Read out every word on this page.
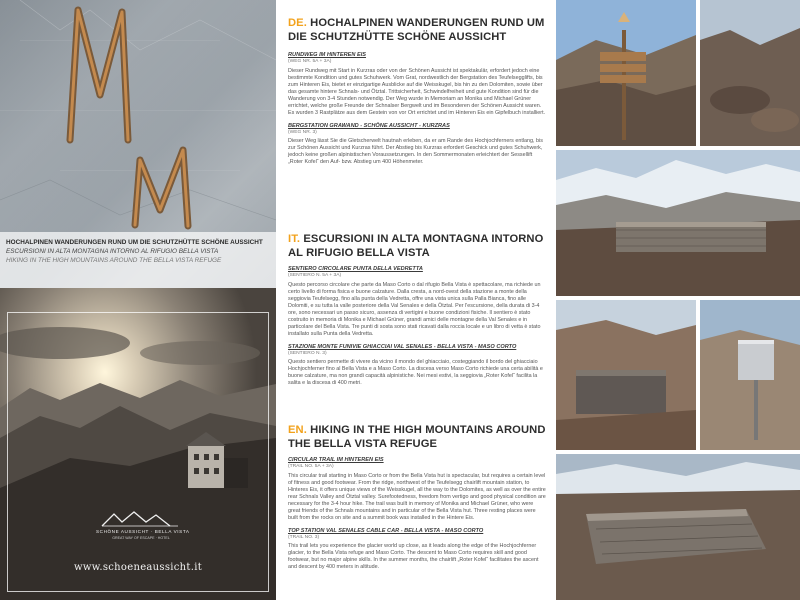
HOCHALPINEN WANDERUNGEN RUND UM DIE SCHUTZHÜTTE SCHÖNE AUSSICHT
ESCURSIONI IN ALTA MONTAGNA INTORNO AL RIFUGIO BELLA VISTA
HIKING IN THE HIGH MOUNTAINS AROUND THE BELLA VISTA REFUGE
SCHÖNE AUSSICHT · BELLA VISTA
GREAT WAY OF ESCAPE · HOTEL
www.schoeneaussicht.it
DE. HOCHALPINEN WANDERUNGEN RUND UM DIE SCHUTZHÜTTE SCHÖNE AUSSICHT
RUNDWEG IM HINTEREN EIS
(WEG NR. 5A + 3A)
Dieser Rundweg mit Start in Kurzras oder von der Schönen Aussicht ist spektakulär, erfordert jedoch eine bestimmte Kondition und gutes Schuhwerk. Vom Grat, nordwestlich der Bergstation des Teufelsegglifts, bis zum Hinteren Eis, bietet er einzigartige Ausblicke auf die Weisskugel, bis hin zu den Dolomiten, sowie über das gesamte hintere Schnals- und Ötztal. Trittsicherheit, Schwindelfreiheit und gute Kondition sind für die Wanderung von 3-4 Stunden notwendig. Der Weg wurde in Memoriam an Monika und Michael Grüner errichtet, welche große Freunde der Schnalser Bergwelt und im Besonderen der Schönen Aussicht waren. Es wurden 3 Rastplätze aus dem Gestein von vor Ort errichtet und im Hinteren Eis ein Gipfelbuch installiert.
BERGSTATION GRAWAND - SCHÖNE AUSSICHT - KURZRAS
(WEG NR. 3)
Dieser Weg lässt Sie die Gletscherwelt hautnah erleben, da er am Rande des Hochjochferners entlang, bis zur Schönen Aussicht und Kurzras führt. Der Abstieg bis Kurzras erfordert Geschick und gutes Schuhwerk, jedoch keine großen alpinistischen Voraussetzungen. In den Sommermonaten erleichtert der Sessellift „Roter Kofel“ den Auf- bzw. Abstieg um 400 Höhenmeter.
IT. ESCURSIONI IN ALTA MONTAGNA INTORNO AL RIFUGIO BELLA VISTA
SENTIERO CIRCOLARE PUNTA DELLA VEDRETTA
(SENTIERO N. 5A + 3A)
Questo percorso circolare che parte da Maso Corto o dal rifugio Bella Vista è spettacolare, ma richiede un certo livello di forma fisica e buone calzature. Dalla cresta, a nord-ovest della stazione a monte della seggiovia Teufelsegg, fino alla punta della Vedretta, offre una vista unica sulla Palla Bianca, fino alle Dolomiti, e su tutta la valle posteriore della Val Senales e della Ötztal. Per l'escursione, della durata di 3-4 ore, sono necessari un passo sicuro, assenza di vertigini e buone condizioni fisiche. Il sentiero è stato costruito in memoria di Monika e Michael Grüner, grandi amici delle montagne della Val Senales e in particolare del Bella Vista. Tre punti di sosta sono stati ricavati dalla roccia locale e un libro di vetta è stato installato sulla Punta della Vedretta.
STAZIONE MONTE FUNIVIE GHIACCIAI VAL SENALES - BELLA VISTA - MASO CORTO
(SENTIERO N. 3)
Questo sentiero permette di vivere da vicino il mondo del ghiacciaio, costeggiando il bordo del ghiacciaio Hochjochferner fino al Bella Vista e a Maso Corto. La discesa verso Maso Corto richiede una certa abilità e buone calzature, ma non grandi capacità alpinistiche. Nei mesi estivi, la seggiovia „Roter Kofel“ facilita la salita e la discesa di 400 metri.
EN. HIKING IN THE HIGH MOUNTAINS AROUND THE BELLA VISTA REFUGE
CIRCULAR TRAIL IM HINTEREN EIS
(TRAIL NO. 5A + 3A)
This circular trail starting in Maso Corto or from the Bella Vista hut is spectacular, but requires a certain level of fitness and good footwear. From the ridge, northwest of the Teufelsegg chairlift mountain station, to Hinteres Eis, it offers unique views of the Weisskugel, all the way to the Dolomites, as well as over the entire rear Schnals Valley and Ötztal valley. Surefootedness, freedom from vertigo and good physical condition are necessary for the 3-4 hour hike. The trail was built in memory of Monika and Michael Grüner, who were great friends of the Schnals mountains and in particular of the Bella Vista hut. Three resting places were built from the rocks on site and a summit book was installed in the Hintere Eis.
TOP STATION VAL SENALES CABLE CAR - BELLA VISTA - MASO CORTO
(TRAIL NO. 3)
This trail lets you experience the glacier world up close, as it leads along the edge of the Hochjochferner glacier, to the Bella Vista refuge and Maso Corto. The descent to Maso Corto requires skill and good footwear, but no major alpine skills. In the summer months, the chairlift „Roter Kofel“ facilitates the ascent and descent by 400 meters in altitude.
